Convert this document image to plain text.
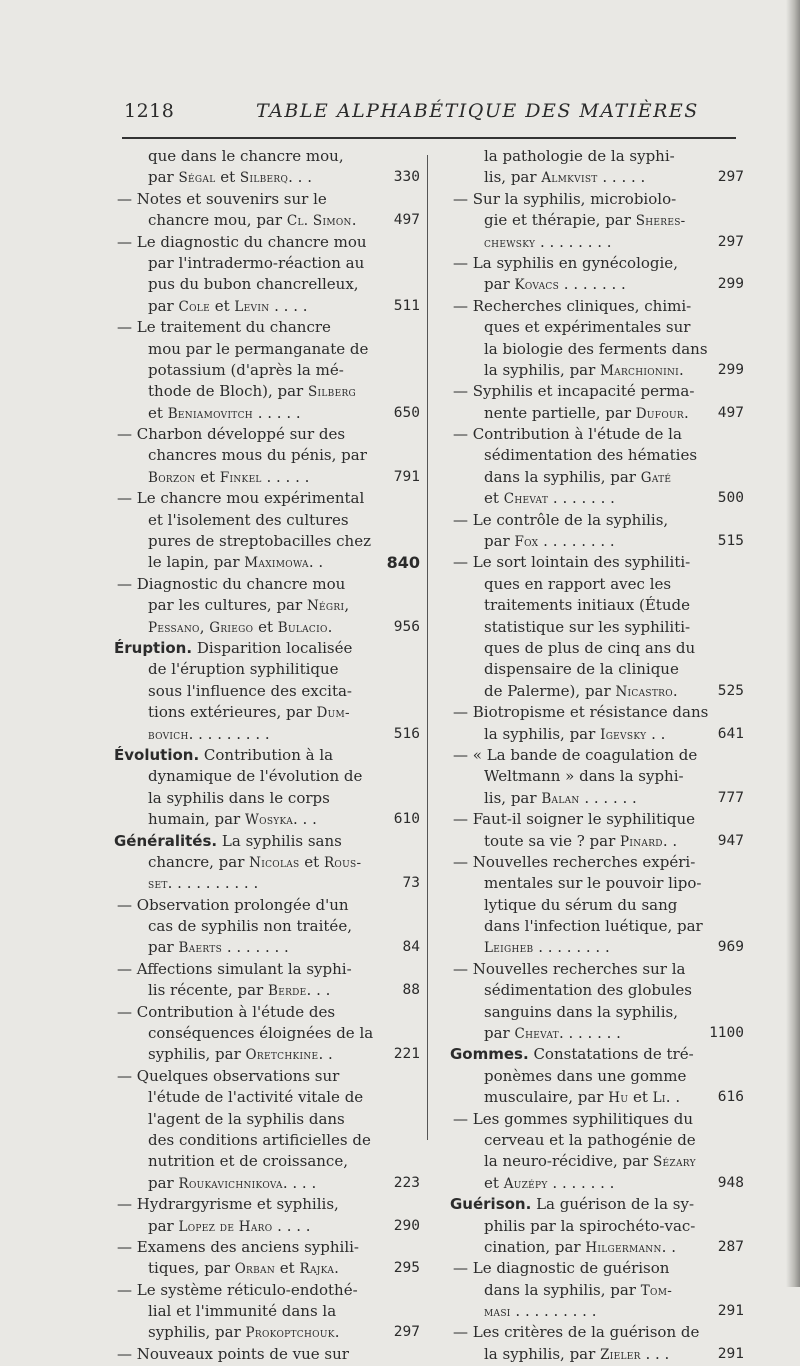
1218	TABLE ALPHABÉTIQUE DES MATIÈRES
que dans le chancre mou,
par Ségal et Silberq. . .	330
— Notes et souvenirs sur le
chancre mou, par Cl. Simon.	497
— Le diagnostic du chancre mou
par l'intradermo-réaction au
pus du bubon chancrelleux,
par Cole et Levin . . . .	511
— Le traitement du chancre
mou par le permanganate de
potassium (d'après la mé-
thode de Bloch), par Silberg
et Beniamovitch . . . . .	650
— Charbon développé sur des
chancres mous du pénis, par
Borzon et Finkel . . . . .	791
— Le chancre mou expérimental
et l'isolement des cultures
pures de streptobacilles chez
le lapin, par Maximowa. .	840
— Diagnostic du chancre mou
par les cultures, par Négri,
Pessano, Griego et Bulacio.	956
Éruption. Disparition localisée
de l'éruption syphilitique
sous l'influence des excita-
tions extérieures, par Dum-
bovich. . . . . . . . .	516
Évolution. Contribution à la
dynamique de l'évolution de
la syphilis dans le corps
humain, par Wosyka. . .	610
Généralités. La syphilis sans
chancre, par Nicolas et Rous-
set. . . . . . . . . .	73
— Observation prolongée d'un
cas de syphilis non traitée,
par Baerts . . . . . . .	84
— Affections simulant la syphi-
lis récente, par Berde. . .	88
— Contribution à l'étude des
conséquences éloignées de la
syphilis, par Oretchkine. .	221
— Quelques observations sur
l'étude de l'activité vitale de
l'agent de la syphilis dans
des conditions artificielles de
nutrition et de croissance,
par Roukavichnikova. . . .	223
— Hydrargyrisme et syphilis,
par Lopez de Haro . . . .	290
— Examens des anciens syphili-
tiques, par Orban et Rajka.	295
— Le système réticulo-endothé-
lial et l'immunité dans la
syphilis, par Prokoptchouk.	297
— Nouveaux points de vue sur
la pathologie de la syphi-
lis, par Almkvist . . . . .	297
— Sur la syphilis, microbiolo-
gie et thérapie, par Sheres-
chewsky . . . . . . . .	297
— La syphilis en gynécologie,
par Kovacs . . . . . . .	299
— Recherches cliniques, chimi-
ques et expérimentales sur
la biologie des ferments dans
la syphilis, par Marchionini. 299
— Syphilis et incapacité perma-
nente partielle, par Dufour. 497
— Contribution à l'étude de la
sédimentation des hématies
dans la syphilis, par Gaté
et Chevat . . . . . . .	500
— Le contrôle de la syphilis,
par Fox . . . . . . . .	515
— Le sort lointain des syphiliti-
ques en rapport avec les
traitements initiaux (Étude
statistique sur les syphiliti-
ques de plus de cinq ans du
dispensaire de la clinique
de Palerme), par Nicastro.	525
— Biotropisme et résistance dans
la syphilis, par Igevsky . .	641
— « La bande de coagulation de
Weltmann » dans la syphi-
lis, par Balan . . . . . .	777
— Faut-il soigner le syphilitique
toute sa vie ? par Pinard. .	947
— Nouvelles recherches expéri-
mentales sur le pouvoir lipo-
lytique du sérum du sang
dans l'infection luétique, par
Leigheb . . . . . . . .	969
— Nouvelles recherches sur la
sédimentation des globules
sanguins dans la syphilis,
par Chevat. . . . . . .	1100
Gommes. Constatations de tré-
ponèmes dans une gomme
musculaire, par Hu et Li. .	616
— Les gommes syphilitiques du
cerveau et la pathogénie de
la neuro-récidive, par Sézary
et Auzépy . . . . . . .	948
Guérison. La guérison de la sy-
philis par la spirochéto-vac-
cination, par Hilgermann. .	287
— Le diagnostic de guérison
dans la syphilis, par Tom-
masi . . . . . . . . .	291
— Les critères de la guérison de
la syphilis, par Zieler . . .	291
